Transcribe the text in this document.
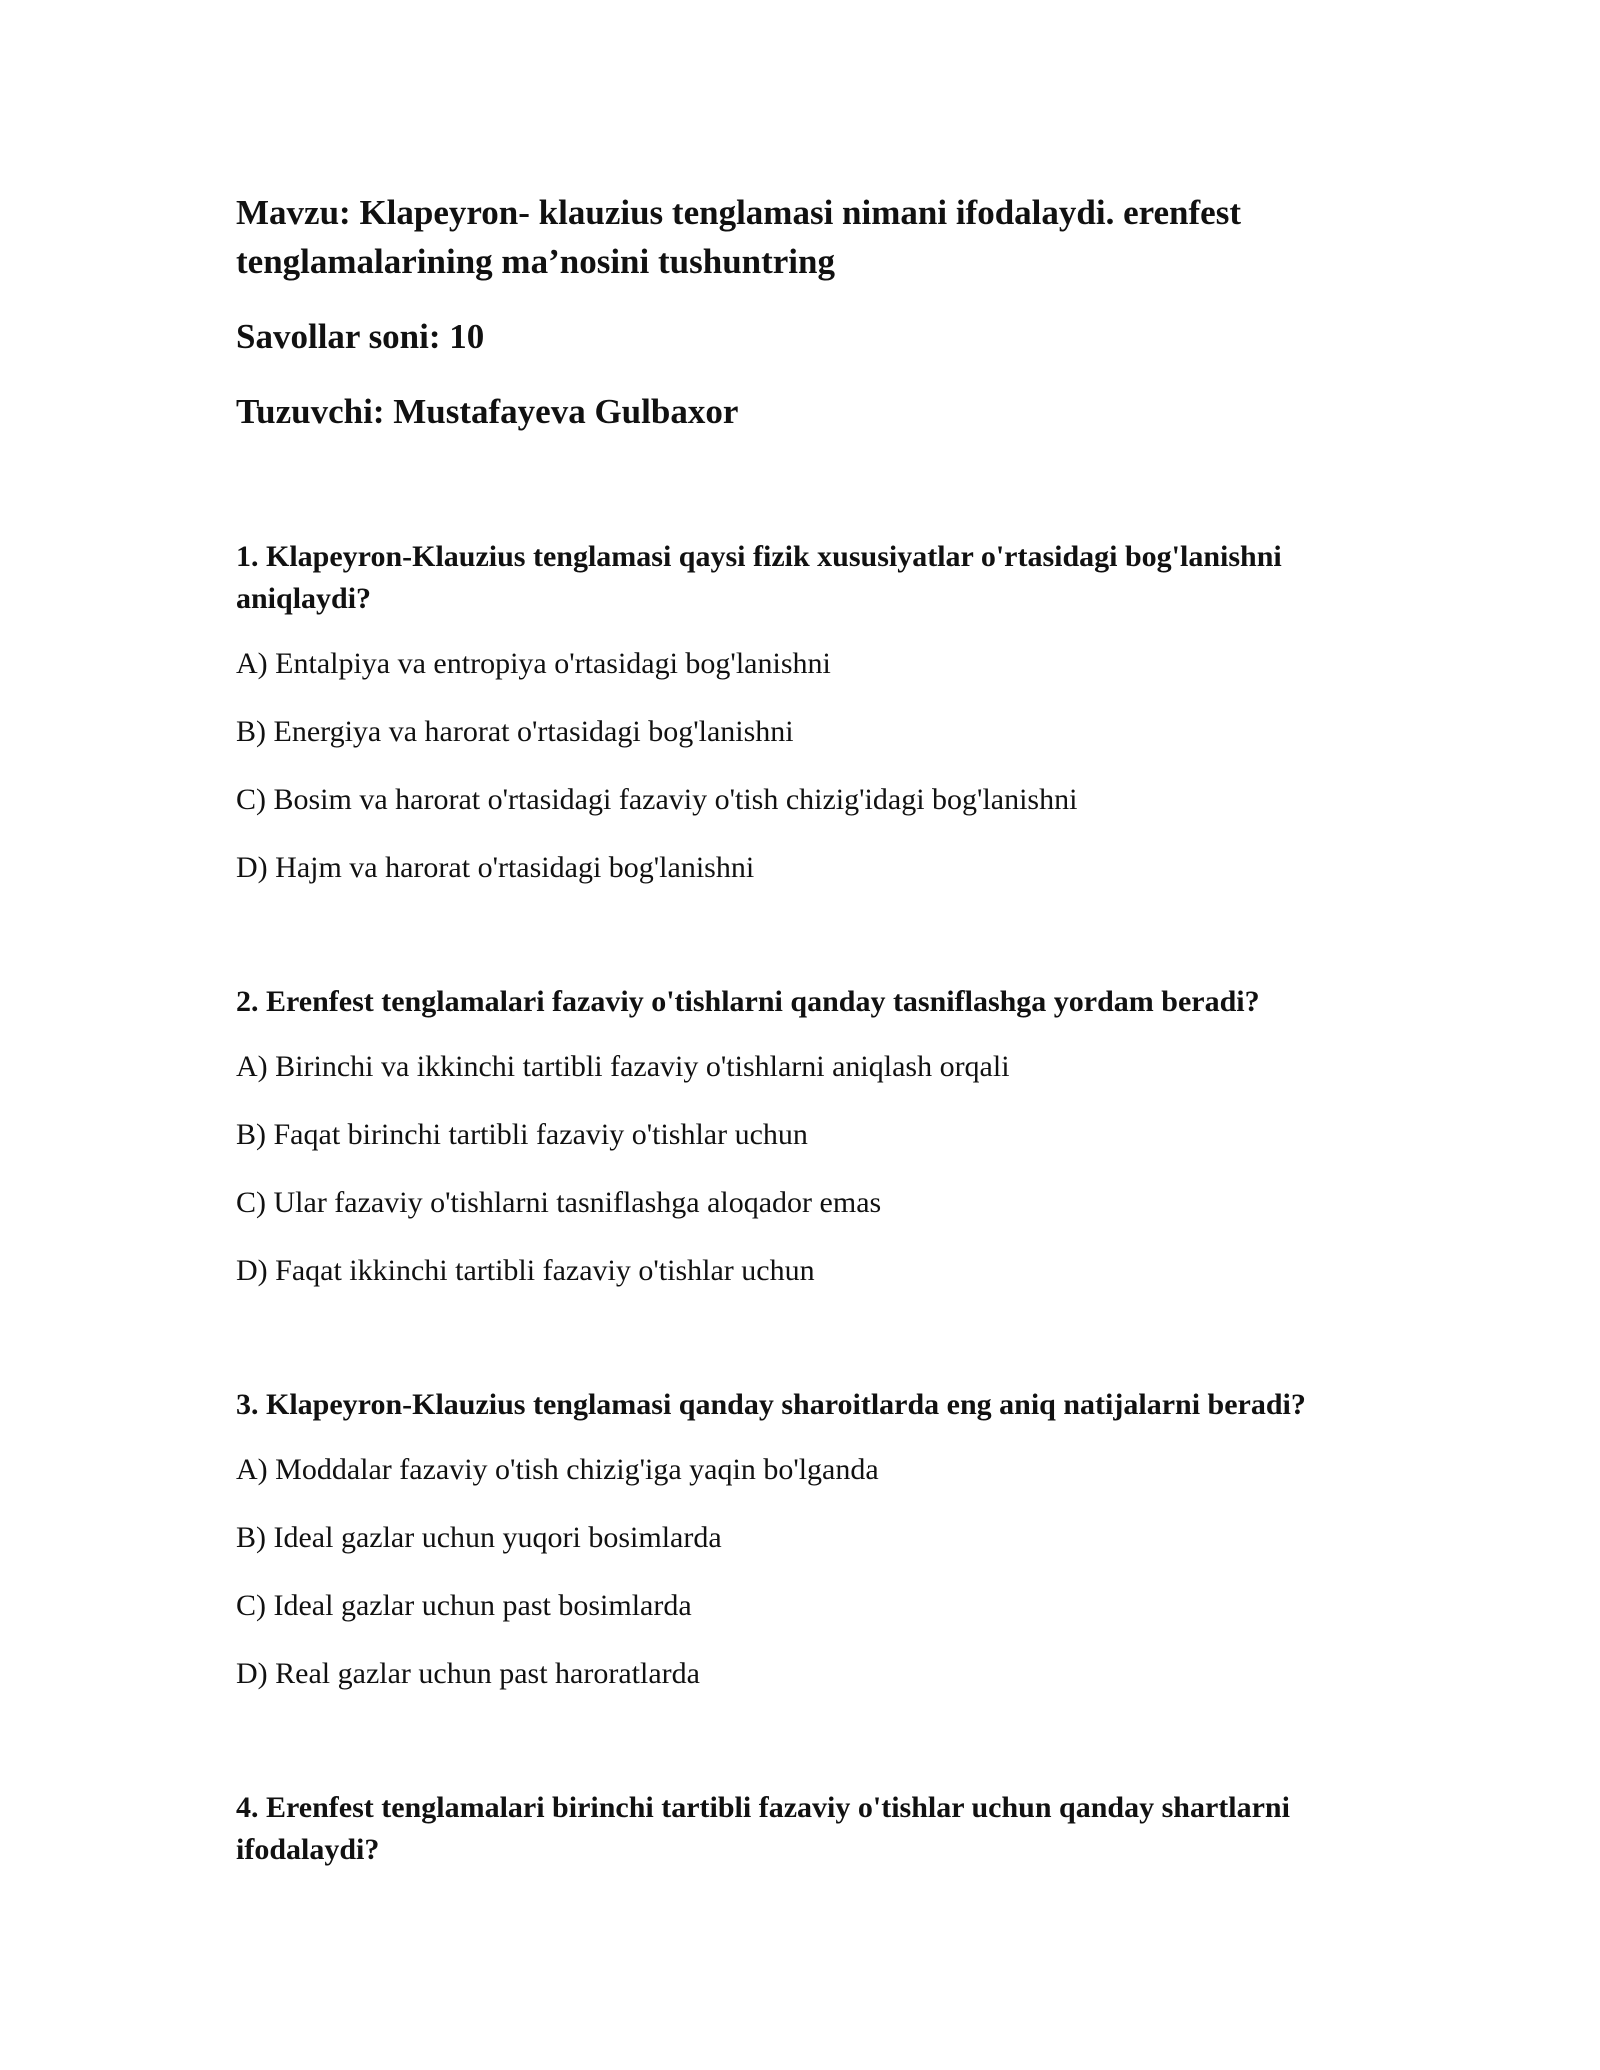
Mavzu: Klapeyron- klauzius tenglamasi nimani ifodalaydi. erenfest tenglamalarining ma’nosini tushuntring

Savollar soni: 10

Tuzuvchi: Mustafayeva Gulbaxor

1. Klapeyron-Klauzius tenglamasi qaysi fizik xususiyatlar o'rtasidagi bog'lanishni aniqlaydi?

A) Entalpiya va entropiya o'rtasidagi bog'lanishni

B) Energiya va harorat o'rtasidagi bog'lanishni

C) Bosim va harorat o'rtasidagi fazaviy o'tish chizig'idagi bog'lanishni

D) Hajm va harorat o'rtasidagi bog'lanishni

2. Erenfest tenglamalari fazaviy o'tishlarni qanday tasniflashga yordam beradi?

A) Birinchi va ikkinchi tartibli fazaviy o'tishlarni aniqlash orqali

B) Faqat birinchi tartibli fazaviy o'tishlar uchun

C) Ular fazaviy o'tishlarni tasniflashga aloqador emas

D) Faqat ikkinchi tartibli fazaviy o'tishlar uchun

3. Klapeyron-Klauzius tenglamasi qanday sharoitlarda eng aniq natijalarni beradi?

A) Moddalar fazaviy o'tish chizig'iga yaqin bo'lganda

B) Ideal gazlar uchun yuqori bosimlarda

C) Ideal gazlar uchun past bosimlarda

D) Real gazlar uchun past haroratlarda

4. Erenfest tenglamalari birinchi tartibli fazaviy o'tishlar uchun qanday shartlarni ifodalaydi?
